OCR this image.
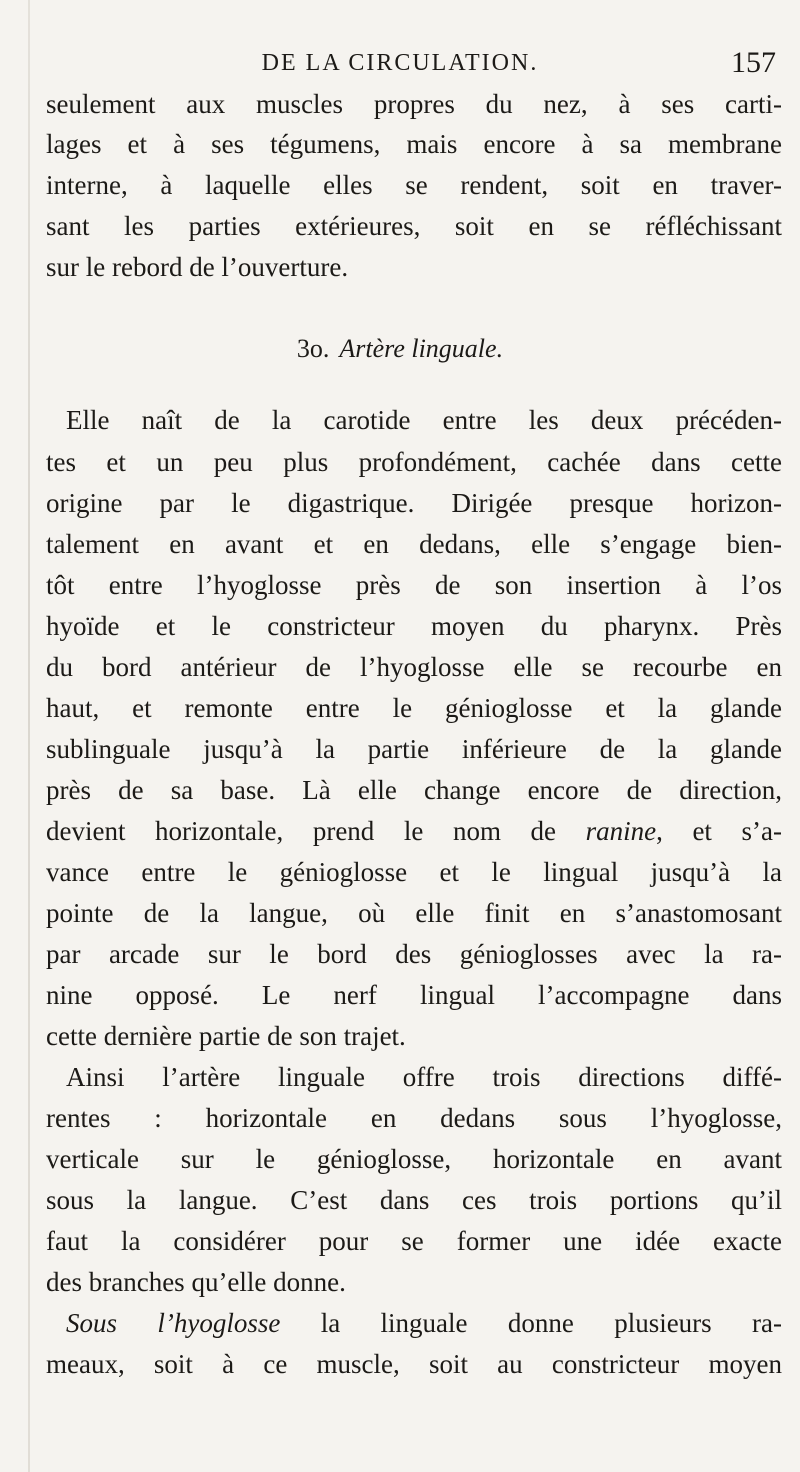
DE LA CIRCULATION.	157
seulement aux muscles propres du nez, à ses carti-
lages et à ses tégumens, mais encore à sa membrane
interne, à laquelle elles se rendent, soit en traver-
sant les parties extérieures, soit en se réfléchissant
sur le rebord de l’ouverture.
3o. Artère linguale.
Elle naît de la carotide entre les deux précéden-
tes et un peu plus profondément, cachée dans cette
origine par le digastrique. Dirigée presque horizon-
talement en avant et en dedans, elle s’engage bien-
tôt entre l’hyoglosse près de son insertion à l’os
hyoïde et le constricteur moyen du pharynx. Près
du bord antérieur de l’hyoglosse elle se recourbe en
haut, et remonte entre le génioglosse et la glande
sublinguale jusqu’à la partie inférieure de la glande
près de sa base. Là elle change encore de direction,
devient horizontale, prend le nom de ranine, et s’a-
vance entre le génioglosse et le lingual jusqu’à la
pointe de la langue, où elle finit en s’anastomosant
par arcade sur le bord des génioglosses avec la ra-
nine opposé. Le nerf lingual l’accompagne dans
cette dernière partie de son trajet.
Ainsi l’artère linguale offre trois directions diffé-
rentes : horizontale en dedans sous l’hyoglosse,
verticale sur le génioglosse, horizontale en avant
sous la langue. C’est dans ces trois portions qu’il
faut la considérer pour se former une idée exacte
des branches qu’elle donne.
Sous l’hyoglosse la linguale donne plusieurs ra-
meaux, soit à ce muscle, soit au constricteur moyen
